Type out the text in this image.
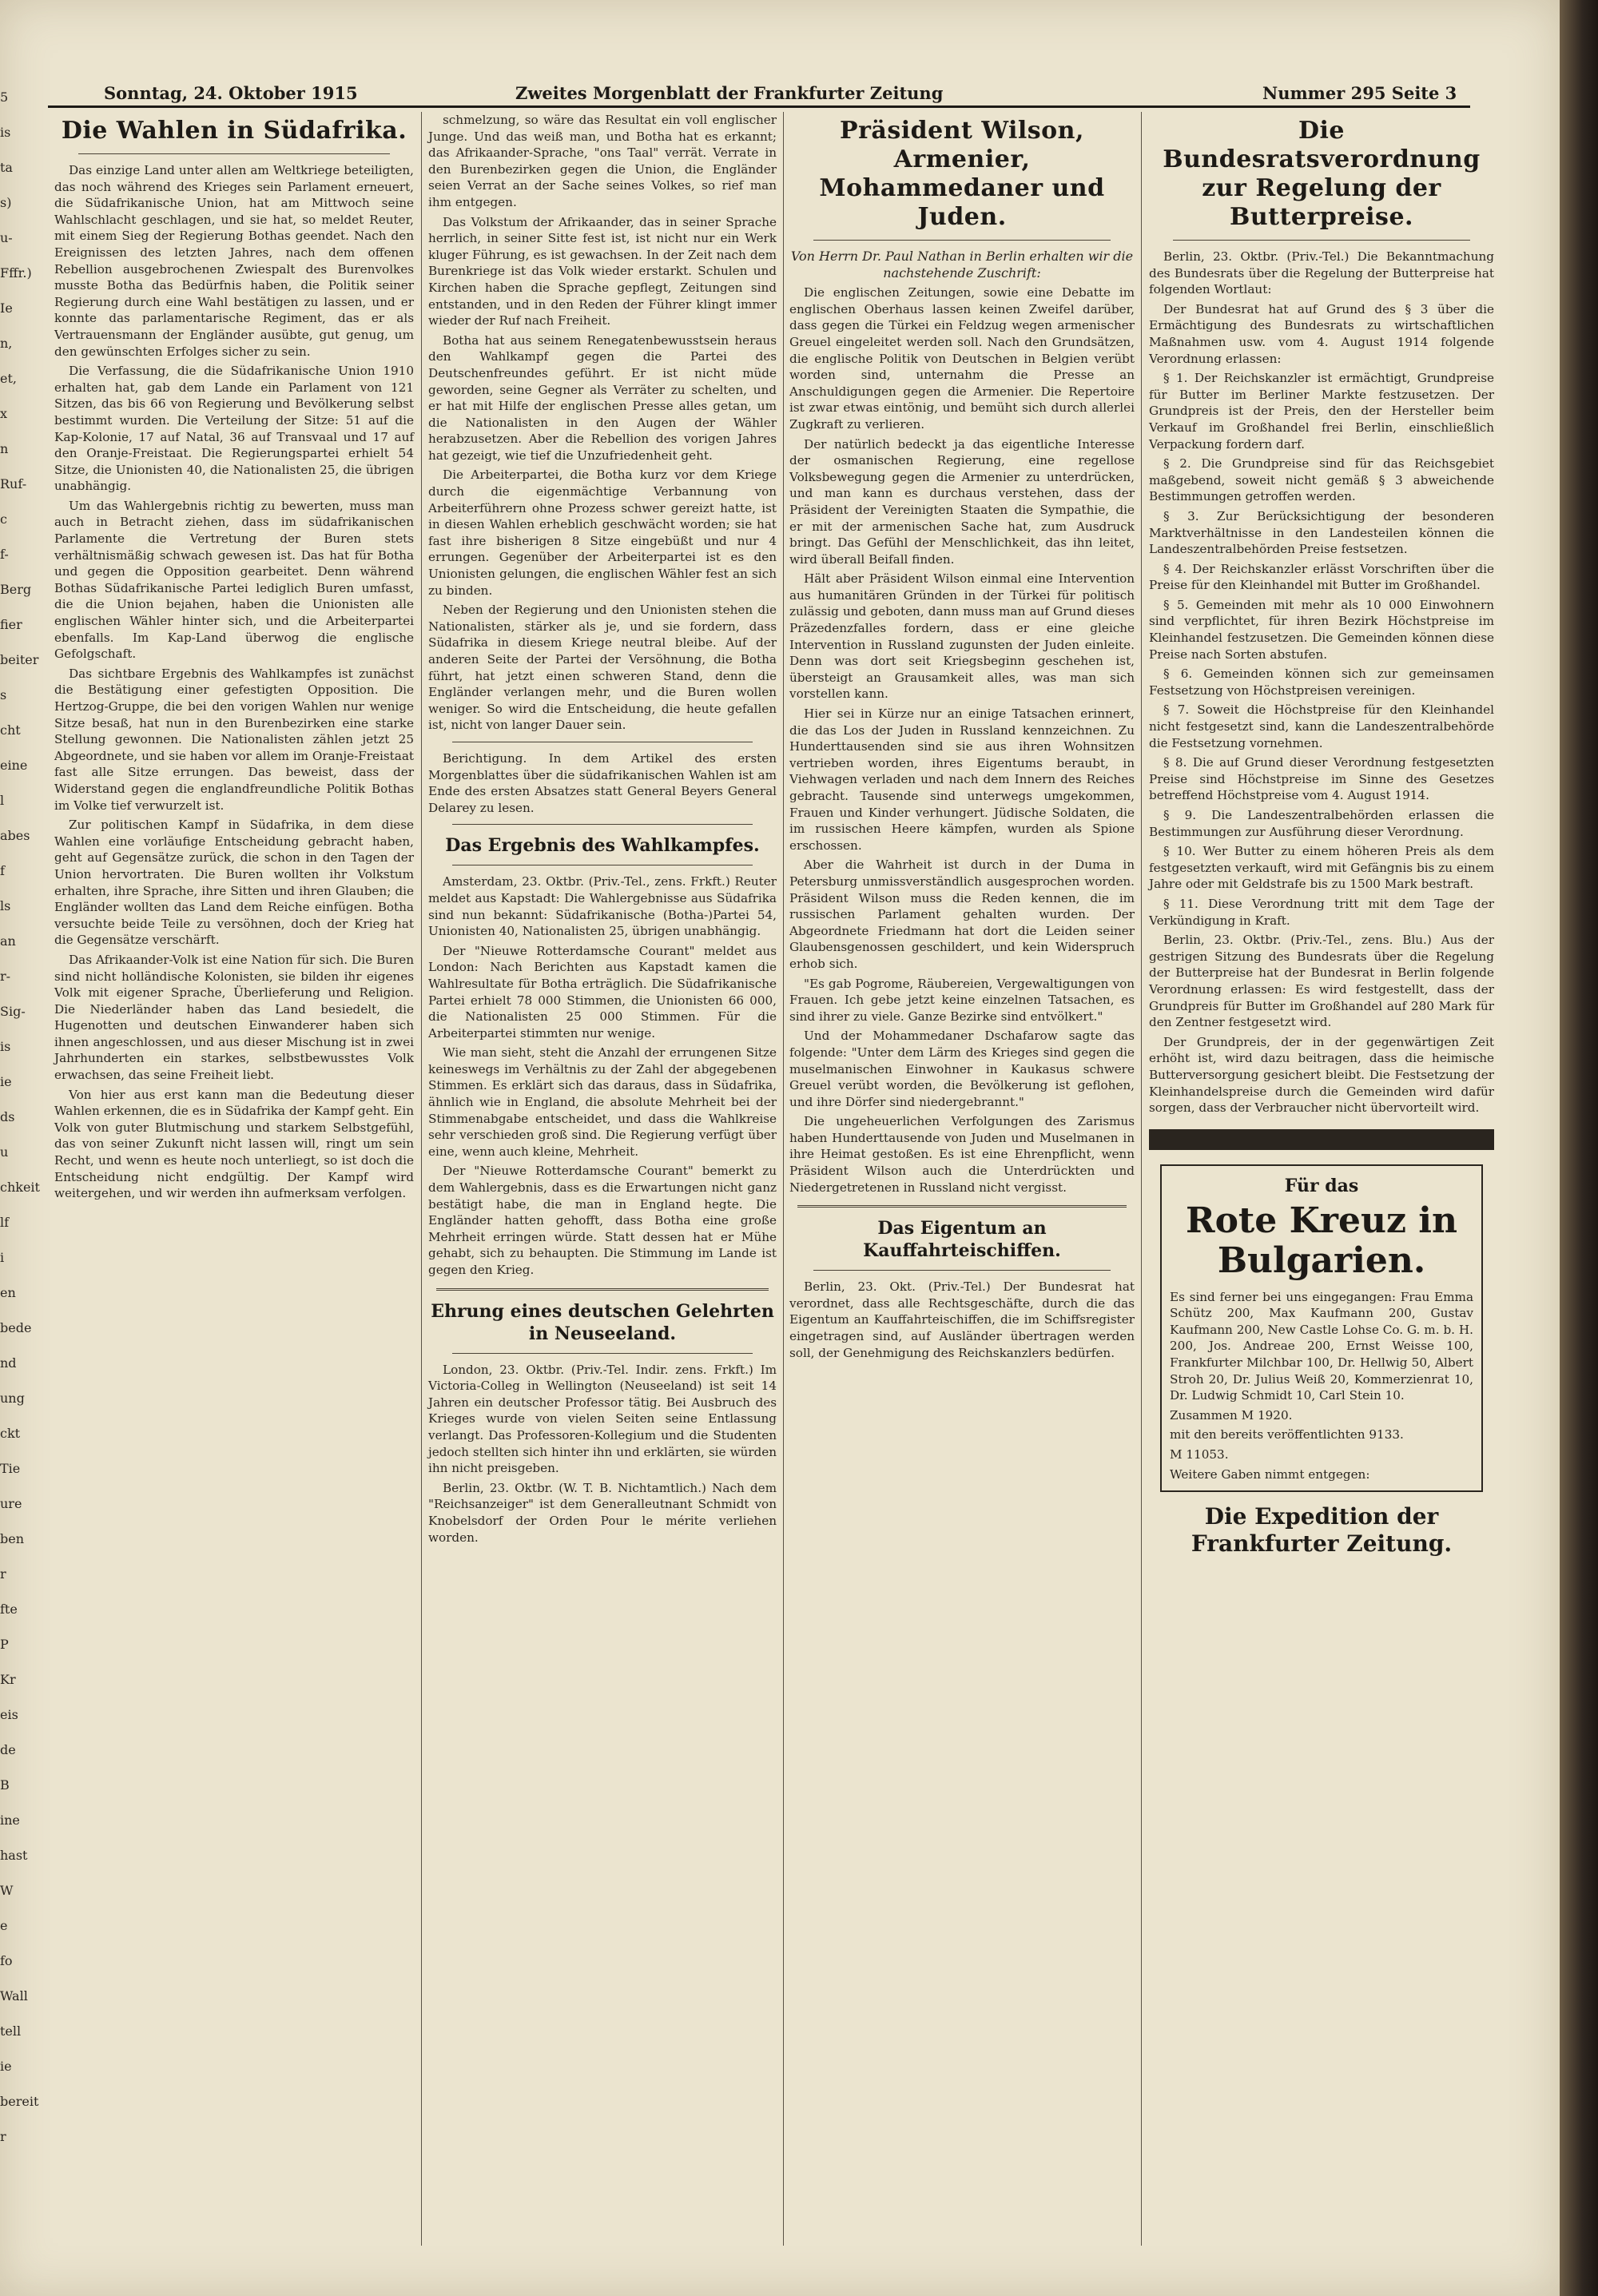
5
is
ta
s)
u-
Fffr.)
Ie
n,
et,
x
n
Ruf-
c
f-
Berg
fier
beiter
s
cht
eine
l
abes
f
ls
an
r-
Sig-
is
ie
ds
u
chkeit
lf
i
en
bede
nd
ung
ckt
Tie
ure
ben
r
fte
P
Kr
eis
de
B
ine
hast
W
e
fo
Wall
tell
ie
bereit
r
Sonntag, 24. Oktober 1915	Zweites Morgenblatt der Frankfurter Zeitung	Nummer 295 Seite 3
Die Wahlen in Südafrika.

Das einzige Land unter allen am Weltkriege beteiligten, das noch während des Krieges sein Parlament erneuert, die Südafrikanische Union, hat am Mittwoch seine Wahlschlacht geschlagen, und sie hat, so meldet Reuter, mit einem Sieg der Regierung Bothas geendet. Nach den Ereignissen des letzten Jahres, nach dem offenen Rebellion ausgebrochenen Zwiespalt des Burenvolkes musste Botha das Bedürfnis haben, die Politik seiner Regierung durch eine Wahl bestätigen zu lassen, und er konnte das parlamentarische Regiment, das er als Vertrauensmann der Engländer ausübte, gut genug, um den gewünschten Erfolges sicher zu sein.

Die Verfassung, die die Südafrikanische Union 1910 erhalten hat, gab dem Lande ein Parlament von 121 Sitzen, das bis 66 von Regierung und Bevölkerung selbst bestimmt wurden. Die Verteilung der Sitze: 51 auf die Kap-Kolonie, 17 auf Natal, 36 auf Transvaal und 17 auf den Oranje-Freistaat. Die Regierungspartei erhielt 54 Sitze, die Unionisten 40, die Nationalisten 25, die übrigen unabhängig.

Um das Wahlergebnis richtig zu bewerten, muss man auch in Betracht ziehen, dass im südafrikanischen Parlamente die Vertretung der Buren stets verhältnismäßig schwach gewesen ist. Das hat für Botha und gegen die Opposition gearbeitet. Denn während Bothas Südafrikanische Partei lediglich Buren umfasst, die die Union bejahen, haben die Unionisten alle englischen Wähler hinter sich, und die Arbeiterpartei ebenfalls. Im Kap-Land überwog die englische Gefolgschaft.

Das sichtbare Ergebnis des Wahlkampfes ist zunächst die Bestätigung einer gefestigten Opposition. Die Hertzog-Gruppe, die bei den vorigen Wahlen nur wenige Sitze besaß, hat nun in den Burenbezirken eine starke Stellung gewonnen. Die Nationalisten zählen jetzt 25 Abgeordnete, und sie haben vor allem im Oranje-Freistaat fast alle Sitze errungen. Das beweist, dass der Widerstand gegen die englandfreundliche Politik Bothas im Volke tief verwurzelt ist.

Zur politischen Kampf in Südafrika, in dem diese Wahlen eine vorläufige Entscheidung gebracht haben, geht auf Gegensätze zurück, die schon in den Tagen der Union hervortraten. Die Buren wollten ihr Volkstum erhalten, ihre Sprache, ihre Sitten und ihren Glauben; die Engländer wollten das Land dem Reiche einfügen. Botha versuchte beide Teile zu versöhnen, doch der Krieg hat die Gegensätze verschärft.

Das Afrikaander-Volk ist eine Nation für sich. Die Buren sind nicht holländische Kolonisten, sie bilden ihr eigenes Volk mit eigener Sprache, Überlieferung und Religion. Die Niederländer haben das Land besiedelt, die Hugenotten und deutschen Einwanderer haben sich ihnen angeschlossen, und aus dieser Mischung ist in zwei Jahrhunderten ein starkes, selbstbewusstes Volk erwachsen, das seine Freiheit liebt.

Von hier aus erst kann man die Bedeutung dieser Wahlen erkennen, die es in Südafrika der Kampf geht. Ein Volk von guter Blutmischung und starkem Selbstgefühl, das von seiner Zukunft nicht lassen will, ringt um sein Recht, und wenn es heute noch unterliegt, so ist doch die Entscheidung nicht endgültig. Der Kampf wird weitergehen, und wir werden ihn aufmerksam verfolgen.

schmelzung, so wäre das Resultat ein voll englischer Junge. Und das weiß man, und Botha hat es erkannt; das Afrikaander-Sprache, "ons Taal" verrät. Verrate in den Burenbezirken gegen die Union, die Engländer seien Verrat an der Sache seines Volkes, so rief man ihm entgegen.

Das Volkstum der Afrikaander, das in seiner Sprache herrlich, in seiner Sitte fest ist, ist nicht nur ein Werk kluger Führung, es ist gewachsen. In der Zeit nach dem Burenkriege ist das Volk wieder erstarkt. Schulen und Kirchen haben die Sprache gepflegt, Zeitungen sind entstanden, und in den Reden der Führer klingt immer wieder der Ruf nach Freiheit.

Botha hat aus seinem Renegatenbewusstsein heraus den Wahlkampf gegen die Partei des Deutschenfreundes geführt. Er ist nicht müde geworden, seine Gegner als Verräter zu schelten, und er hat mit Hilfe der englischen Presse alles getan, um die Nationalisten in den Augen der Wähler herabzusetzen. Aber die Rebellion des vorigen Jahres hat gezeigt, wie tief die Unzufriedenheit geht.

Die Arbeiterpartei, die Botha kurz vor dem Kriege durch die eigenmächtige Verbannung von Arbeiterführern ohne Prozess schwer gereizt hatte, ist in diesen Wahlen erheblich geschwächt worden; sie hat fast ihre bisherigen 8 Sitze eingebüßt und nur 4 errungen. Gegenüber der Arbeiterpartei ist es den Unionisten gelungen, die englischen Wähler fest an sich zu binden.

Neben der Regierung und den Unionisten stehen die Nationalisten, stärker als je, und sie fordern, dass Südafrika in diesem Kriege neutral bleibe. Auf der anderen Seite der Partei der Versöhnung, die Botha führt, hat jetzt einen schweren Stand, denn die Engländer verlangen mehr, und die Buren wollen weniger. So wird die Entscheidung, die heute gefallen ist, nicht von langer Dauer sein.

Berichtigung. In dem Artikel des ersten Morgenblattes über die südafrikanischen Wahlen ist am Ende des ersten Absatzes statt General Beyers General Delarey zu lesen.

Das Ergebnis des Wahlkampfes.

Amsterdam, 23. Oktbr. (Priv.-Tel., zens. Frkft.) Reuter meldet aus Kapstadt: Die Wahlergebnisse aus Südafrika sind nun bekannt: Südafrikanische (Botha-)Partei 54, Unionisten 40, Nationalisten 25, übrigen unabhängig.

Der "Nieuwe Rotterdamsche Courant" meldet aus London: Nach Berichten aus Kapstadt kamen die Wahlresultate für Botha erträglich. Die Südafrikanische Partei erhielt 78 000 Stimmen, die Unionisten 66 000, die Nationalisten 25 000 Stimmen. Für die Arbeiterpartei stimmten nur wenige.

Wie man sieht, steht die Anzahl der errungenen Sitze keineswegs im Verhältnis zu der Zahl der abgegebenen Stimmen. Es erklärt sich das daraus, dass in Südafrika, ähnlich wie in England, die absolute Mehrheit bei der Stimmenabgabe entscheidet, und dass die Wahlkreise sehr verschieden groß sind. Die Regierung verfügt über eine, wenn auch kleine, Mehrheit.

Der "Nieuwe Rotterdamsche Courant" bemerkt zu dem Wahlergebnis, dass es die Erwartungen nicht ganz bestätigt habe, die man in England hegte. Die Engländer hatten gehofft, dass Botha eine große Mehrheit erringen würde. Statt dessen hat er Mühe gehabt, sich zu behaupten. Die Stimmung im Lande ist gegen den Krieg.

Ehrung eines deutschen Gelehrten in Neuseeland.

London, 23. Oktbr. (Priv.-Tel. Indir. zens. Frkft.) Im Victoria-Colleg in Wellington (Neuseeland) ist seit 14 Jahren ein deutscher Professor tätig. Bei Ausbruch des Krieges wurde von vielen Seiten seine Entlassung verlangt. Das Professoren-Kollegium und die Studenten jedoch stellten sich hinter ihn und erklärten, sie würden ihn nicht preisgeben.

Berlin, 23. Oktbr. (W. T. B. Nichtamtlich.) Nach dem "Reichsanzeiger" ist dem Generalleutnant Schmidt von Knobelsdorf der Orden Pour le mérite verliehen worden.

Präsident Wilson, Armenier, Mohammedaner und Juden.

Von Herrn Dr. Paul Nathan in Berlin erhalten wir die nachstehende Zuschrift:

Die englischen Zeitungen, sowie eine Debatte im englischen Oberhaus lassen keinen Zweifel darüber, dass gegen die Türkei ein Feldzug wegen armenischer Greuel eingeleitet werden soll. Nach den Grundsätzen, die englische Politik von Deutschen in Belgien verübt worden sind, unternahm die Presse an Anschuldigungen gegen die Armenier. Die Repertoire ist zwar etwas eintönig, und bemüht sich durch allerlei Zugkraft zu verlieren.

Der natürlich bedeckt ja das eigentliche Interesse der osmanischen Regierung, eine regellose Volksbewegung gegen die Armenier zu unterdrücken, und man kann es durchaus verstehen, dass der Präsident der Vereinigten Staaten die Sympathie, die er mit der armenischen Sache hat, zum Ausdruck bringt. Das Gefühl der Menschlichkeit, das ihn leitet, wird überall Beifall finden.

Hält aber Präsident Wilson einmal eine Intervention aus humanitären Gründen in der Türkei für politisch zulässig und geboten, dann muss man auf Grund dieses Präzedenzfalles fordern, dass er eine gleiche Intervention in Russland zugunsten der Juden einleite. Denn was dort seit Kriegsbeginn geschehen ist, übersteigt an Grausamkeit alles, was man sich vorstellen kann.

Hier sei in Kürze nur an einige Tatsachen erinnert, die das Los der Juden in Russland kennzeichnen. Zu Hunderttausenden sind sie aus ihren Wohnsitzen vertrieben worden, ihres Eigentums beraubt, in Viehwagen verladen und nach dem Innern des Reiches gebracht. Tausende sind unterwegs umgekommen, Frauen und Kinder verhungert. Jüdische Soldaten, die im russischen Heere kämpfen, wurden als Spione erschossen.

Aber die Wahrheit ist durch in der Duma in Petersburg unmissverständlich ausgesprochen worden. Präsident Wilson muss die Reden kennen, die im russischen Parlament gehalten wurden. Der Abgeordnete Friedmann hat dort die Leiden seiner Glaubensgenossen geschildert, und kein Widerspruch erhob sich.

"Es gab Pogrome, Räubereien, Vergewaltigungen von Frauen. Ich gebe jetzt keine einzelnen Tatsachen, es sind ihrer zu viele. Ganze Bezirke sind entvölkert."

Und der Mohammedaner Dschafarow sagte das folgende: "Unter dem Lärm des Krieges sind gegen die muselmanischen Einwohner in Kaukasus schwere Greuel verübt worden, die Bevölkerung ist geflohen, und ihre Dörfer sind niedergebrannt."

Die ungeheuerlichen Verfolgungen des Zarismus haben Hunderttausende von Juden und Muselmanen in ihre Heimat gestoßen. Es ist eine Ehrenpflicht, wenn Präsident Wilson auch die Unterdrückten und Niedergetretenen in Russland nicht vergisst.

Das Eigentum an Kauffahrteischiffen.

Berlin, 23. Okt. (Priv.-Tel.) Der Bundesrat hat verordnet, dass alle Rechtsgeschäfte, durch die das Eigentum an Kauffahrteischiffen, die im Schiffsregister eingetragen sind, auf Ausländer übertragen werden soll, der Genehmigung des Reichskanzlers bedürfen.

Die Bundesratsverordnung zur Regelung der Butterpreise.

Berlin, 23. Oktbr. (Priv.-Tel.) Die Bekanntmachung des Bundesrats über die Regelung der Butterpreise hat folgenden Wortlaut:

Der Bundesrat hat auf Grund des § 3 über die Ermächtigung des Bundesrats zu wirtschaftlichen Maßnahmen usw. vom 4. August 1914 folgende Verordnung erlassen:

§ 1. Der Reichskanzler ist ermächtigt, Grundpreise für Butter im Berliner Markte festzusetzen. Der Grundpreis ist der Preis, den der Hersteller beim Verkauf im Großhandel frei Berlin, einschließlich Verpackung fordern darf.

§ 2. Die Grundpreise sind für das Reichsgebiet maßgebend, soweit nicht gemäß § 3 abweichende Bestimmungen getroffen werden.

§ 3. Zur Berücksichtigung der besonderen Marktverhältnisse in den Landesteilen können die Landeszentralbehörden Preise festsetzen.

§ 4. Der Reichskanzler erlässt Vorschriften über die Preise für den Kleinhandel mit Butter im Großhandel.

§ 5. Gemeinden mit mehr als 10 000 Einwohnern sind verpflichtet, für ihren Bezirk Höchstpreise im Kleinhandel festzusetzen. Die Gemeinden können diese Preise nach Sorten abstufen.

§ 6. Gemeinden können sich zur gemeinsamen Festsetzung von Höchstpreisen vereinigen.

§ 7. Soweit die Höchstpreise für den Kleinhandel nicht festgesetzt sind, kann die Landeszentralbehörde die Festsetzung vornehmen.

§ 8. Die auf Grund dieser Verordnung festgesetzten Preise sind Höchstpreise im Sinne des Gesetzes betreffend Höchstpreise vom 4. August 1914.

§ 9. Die Landeszentralbehörden erlassen die Bestimmungen zur Ausführung dieser Verordnung.

§ 10. Wer Butter zu einem höheren Preis als dem festgesetzten verkauft, wird mit Gefängnis bis zu einem Jahre oder mit Geldstrafe bis zu 1500 Mark bestraft.

§ 11. Diese Verordnung tritt mit dem Tage der Verkündigung in Kraft.

Berlin, 23. Oktbr. (Priv.-Tel., zens. Blu.) Aus der gestrigen Sitzung des Bundesrats über die Regelung der Butterpreise hat der Bundesrat in Berlin folgende Verordnung erlassen: Es wird festgestellt, dass der Grundpreis für Butter im Großhandel auf 280 Mark für den Zentner festgesetzt wird.

Der Grundpreis, der in der gegenwärtigen Zeit erhöht ist, wird dazu beitragen, dass die heimische Butterversorgung gesichert bleibt. Die Festsetzung der Kleinhandelspreise durch die Gemeinden wird dafür sorgen, dass der Verbraucher nicht übervorteilt wird.

Für das
Rote Kreuz in Bulgarien.

Es sind ferner bei uns eingegangen: Frau Emma Schütz 200, Max Kaufmann 200, Gustav Kaufmann 200, New Castle Lohse Co. G. m. b. H. 200, Jos. Andreae 200, Ernst Weisse 100, Frankfurter Milchbar 100, Dr. Hellwig 50, Albert Stroh 20, Dr. Julius Weiß 20, Kommerzienrat 10, Dr. Ludwig Schmidt 10, Carl Stein 10.

Zusammen M 1920.

mit den bereits veröffentlichten 9133.

M 11053.

Weitere Gaben nimmt entgegen:

Die Expedition der Frankfurter Zeitung.
